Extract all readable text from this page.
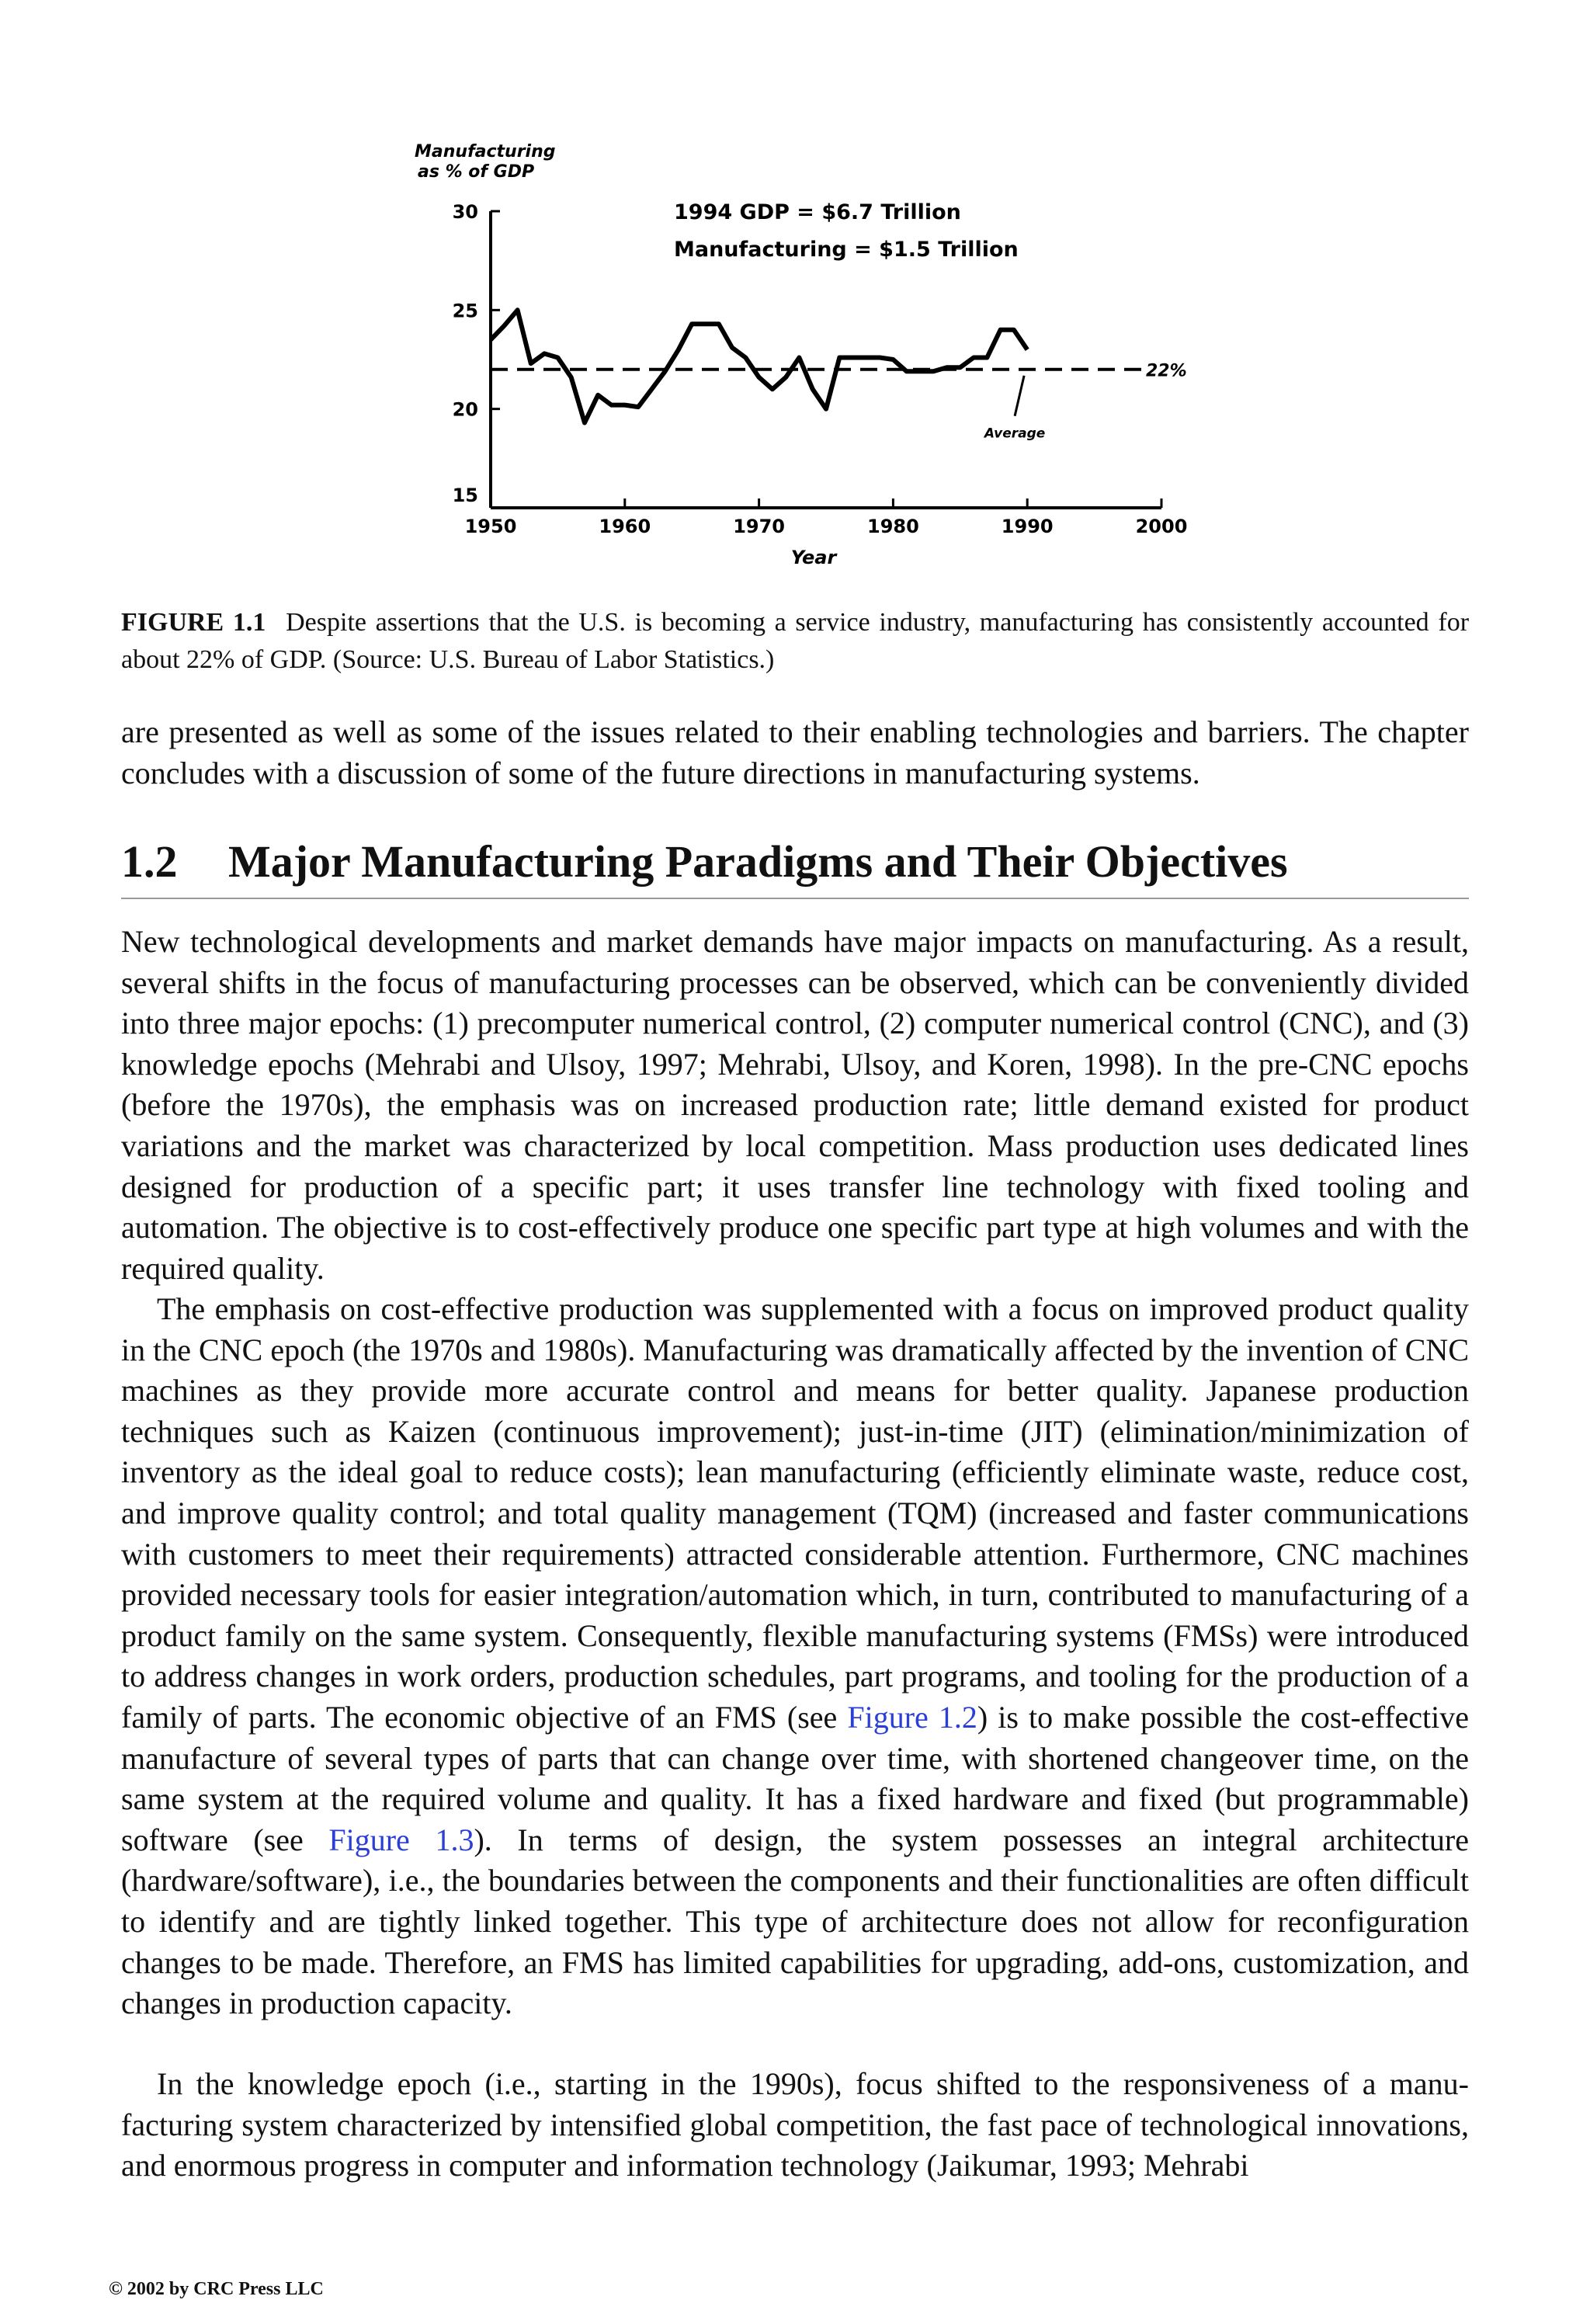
Manufacturing
as % of GDP
1994 GDP = $6.7 Trillion
Manufacturing = $1.5 Trillion
15
20
25
30
1950	1960	1970	1980	1990	2000
22%
Average
Year
FIGURE 1.1 Despite assertions that the U.S. is becoming a service industry, manufacturing has consistently accounted for about 22% of GDP. (Source: U.S. Bureau of Labor Statistics.)

are presented as well as some of the issues related to their enabling technologies and barriers. The chapter concludes with a discussion of some of the future directions in manufacturing systems.

1.2 Major Manufacturing Paradigms and Their Objectives

New technological developments and market demands have major impacts on manufacturing. As a result, several shifts in the focus of manufacturing processes can be observed, which can be conveniently divided into three major epochs: (1) precomputer numerical control, (2) computer numerical control (CNC), and (3) knowledge epochs (Mehrabi and Ulsoy, 1997; Mehrabi, Ulsoy, and Koren, 1998). In the pre-CNC epochs (before the 1970s), the emphasis was on increased production rate; little demand existed for product variations and the market was characterized by local competition. Mass production uses dedicated lines designed for production of a specific part; it uses transfer line technology with fixed tooling and automation. The objective is to cost-effectively produce one specific part type at high volumes and with the required quality.

The emphasis on cost-effective production was supplemented with a focus on improved product quality in the CNC epoch (the 1970s and 1980s). Manufacturing was dramatically affected by the invention of CNC machines as they provide more accurate control and means for better quality. Japanese production techniques such as Kaizen (continuous improvement); just-in-time (JIT) (elimination/minimization of inventory as the ideal goal to reduce costs); lean manufacturing (efficiently eliminate waste, reduce cost, and improve quality control; and total quality management (TQM) (increased and faster communications with customers to meet their requirements) attracted considerable attention. Furthermore, CNC machines provided necessary tools for easier integration/automation which, in turn, contributed to manufacturing of a product family on the same system. Consequently, flexible manufacturing systems (FMSs) were introduced to address changes in work orders, production schedules, part programs, and tooling for the production of a family of parts. The economic objective of an FMS (see Figure 1.2) is to make possible the cost-effective manufacture of several types of parts that can change over time, with shortened changeover time, on the same system at the required volume and quality. It has a fixed hardware and fixed (but programmable) software (see Figure 1.3). In terms of design, the system possesses an integral architecture (hardware/software), i.e., the boundaries between the components and their functionalities are often difficult to identify and are tightly linked together. This type of architecture does not allow for reconfiguration changes to be made. Therefore, an FMS has limited capabilities for upgrading, add-ons, customization, and changes in production capacity.

In the knowledge epoch (i.e., starting in the 1990s), focus shifted to the responsiveness of a manufacturing system characterized by intensified global competition, the fast pace of technological innovations, and enormous progress in computer and information technology (Jaikumar, 1993; Mehrabi

© 2002 by CRC Press LLC
